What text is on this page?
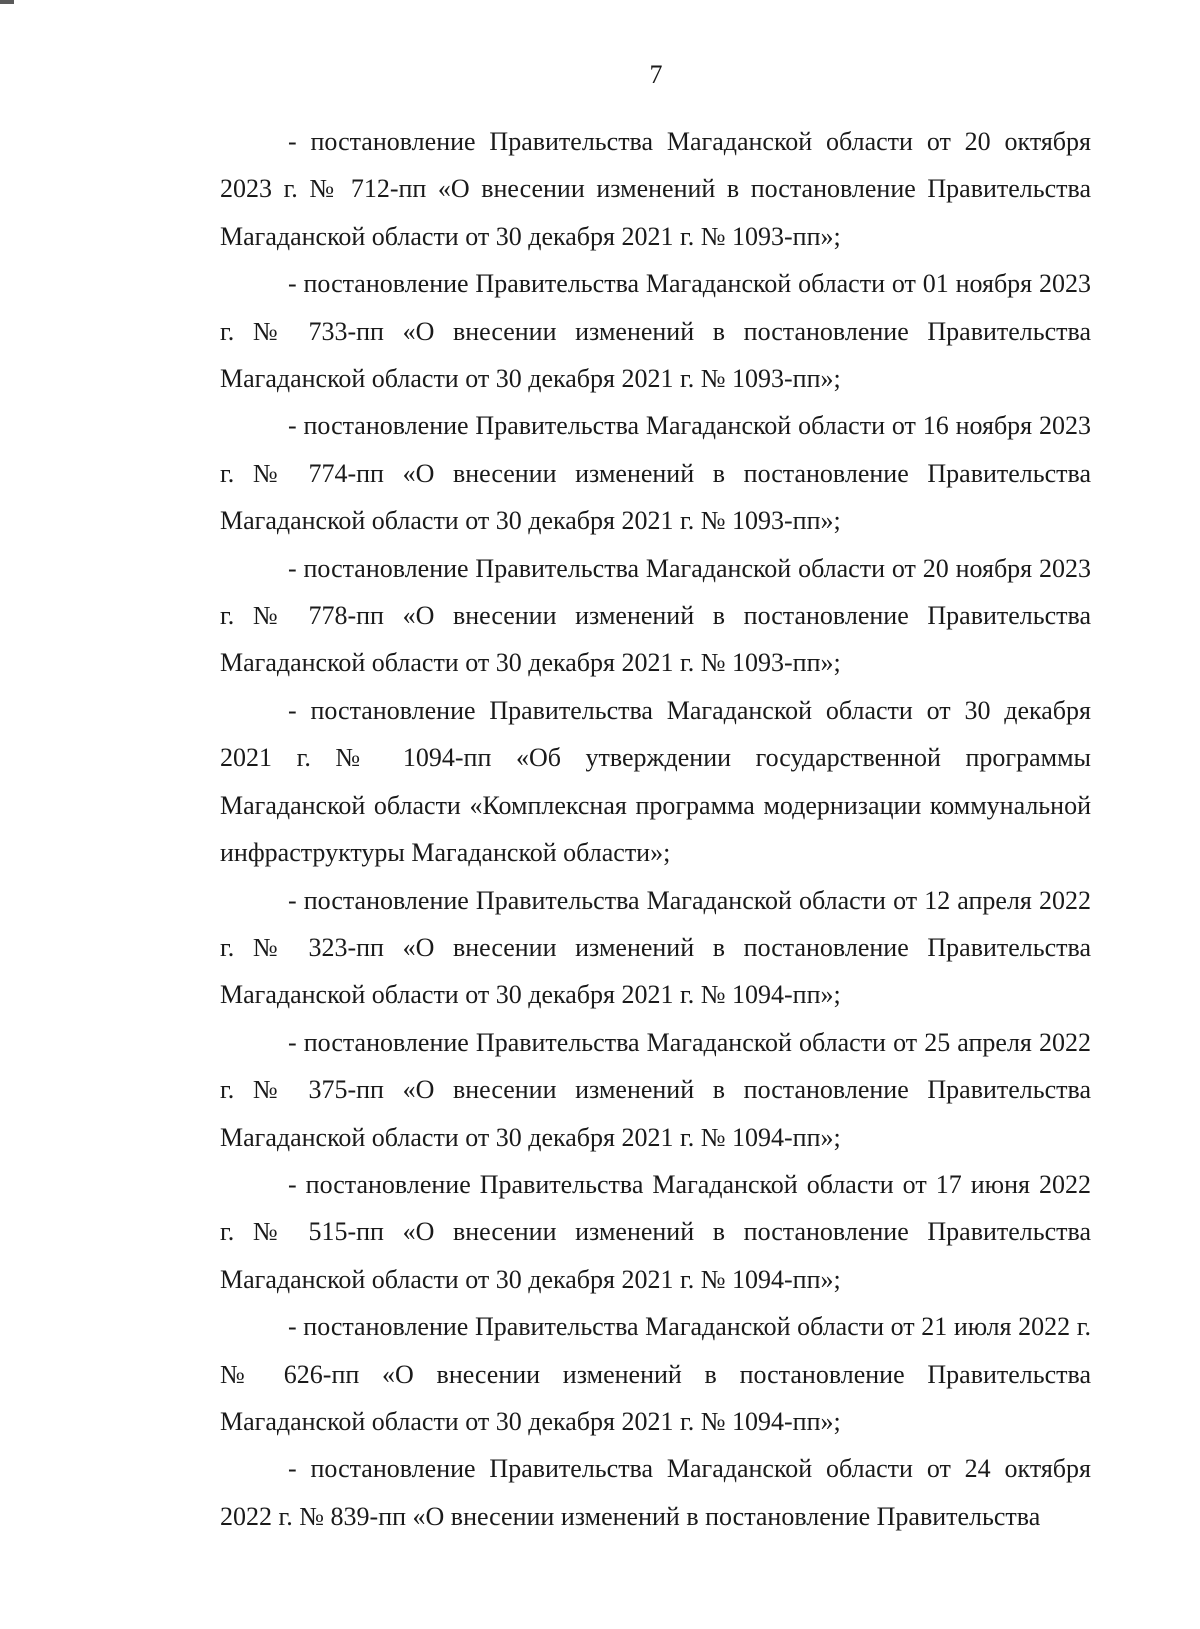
7

- постановление Правительства Магаданской области от 20 октября 2023 г. № 712-пп «О внесении изменений в постановление Правительства Магаданской области от 30 декабря 2021 г. № 1093-пп»;

- постановление Правительства Магаданской области от 01 ноября 2023 г. № 733-пп «О внесении изменений в постановление Правительства Магаданской области от 30 декабря 2021 г. № 1093-пп»;

- постановление Правительства Магаданской области от 16 ноября 2023 г. № 774-пп «О внесении изменений в постановление Правительства Магаданской области от 30 декабря 2021 г. № 1093-пп»;

- постановление Правительства Магаданской области от 20 ноября 2023 г. № 778-пп «О внесении изменений в постановление Правительства Магаданской области от 30 декабря 2021 г. № 1093-пп»;

- постановление Правительства Магаданской области от 30 декабря 2021 г. № 1094-пп «Об утверждении государственной программы Магаданской области «Комплексная программа модернизации коммунальной инфраструктуры Магаданской области»;

- постановление Правительства Магаданской области от 12 апреля 2022 г. № 323-пп «О внесении изменений в постановление Правительства Магаданской области от 30 декабря 2021 г. № 1094-пп»;

- постановление Правительства Магаданской области от 25 апреля 2022 г. № 375-пп «О внесении изменений в постановление Правительства Магаданской области от 30 декабря 2021 г. № 1094-пп»;

- постановление Правительства Магаданской области от 17 июня 2022 г. № 515-пп «О внесении изменений в постановление Правительства Магаданской области от 30 декабря 2021 г. № 1094-пп»;

- постановление Правительства Магаданской области от 21 июля 2022 г. № 626-пп «О внесении изменений в постановление Правительства Магаданской области от 30 декабря 2021 г. № 1094-пп»;

- постановление Правительства Магаданской области от 24 октября 2022 г. № 839-пп «О внесении изменений в постановление Правительства
